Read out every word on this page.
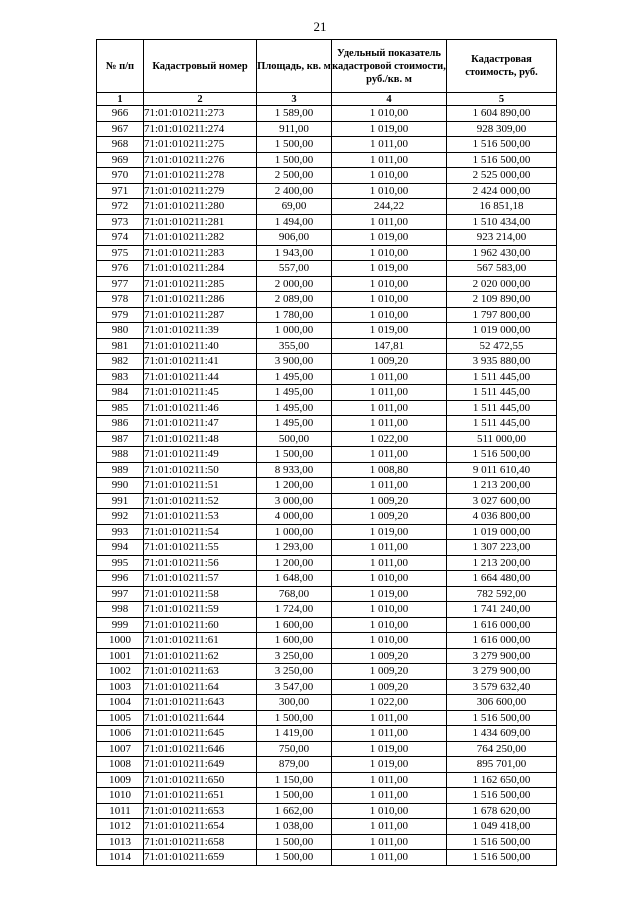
21
№ п/п	Кадастровый номер	Площадь, кв. м	Удельный показатель кадастровой стоимости, руб./кв. м	Кадастровая стоимость, руб.
1	2	3	4	5
966	71:01:010211:273	1 589,00	1 010,00	1 604 890,00
967	71:01:010211:274	911,00	1 019,00	928 309,00
968	71:01:010211:275	1 500,00	1 011,00	1 516 500,00
969	71:01:010211:276	1 500,00	1 011,00	1 516 500,00
970	71:01:010211:278	2 500,00	1 010,00	2 525 000,00
971	71:01:010211:279	2 400,00	1 010,00	2 424 000,00
972	71:01:010211:280	69,00	244,22	16 851,18
973	71:01:010211:281	1 494,00	1 011,00	1 510 434,00
974	71:01:010211:282	906,00	1 019,00	923 214,00
975	71:01:010211:283	1 943,00	1 010,00	1 962 430,00
976	71:01:010211:284	557,00	1 019,00	567 583,00
977	71:01:010211:285	2 000,00	1 010,00	2 020 000,00
978	71:01:010211:286	2 089,00	1 010,00	2 109 890,00
979	71:01:010211:287	1 780,00	1 010,00	1 797 800,00
980	71:01:010211:39	1 000,00	1 019,00	1 019 000,00
981	71:01:010211:40	355,00	147,81	52 472,55
982	71:01:010211:41	3 900,00	1 009,20	3 935 880,00
983	71:01:010211:44	1 495,00	1 011,00	1 511 445,00
984	71:01:010211:45	1 495,00	1 011,00	1 511 445,00
985	71:01:010211:46	1 495,00	1 011,00	1 511 445,00
986	71:01:010211:47	1 495,00	1 011,00	1 511 445,00
987	71:01:010211:48	500,00	1 022,00	511 000,00
988	71:01:010211:49	1 500,00	1 011,00	1 516 500,00
989	71:01:010211:50	8 933,00	1 008,80	9 011 610,40
990	71:01:010211:51	1 200,00	1 011,00	1 213 200,00
991	71:01:010211:52	3 000,00	1 009,20	3 027 600,00
992	71:01:010211:53	4 000,00	1 009,20	4 036 800,00
993	71:01:010211:54	1 000,00	1 019,00	1 019 000,00
994	71:01:010211:55	1 293,00	1 011,00	1 307 223,00
995	71:01:010211:56	1 200,00	1 011,00	1 213 200,00
996	71:01:010211:57	1 648,00	1 010,00	1 664 480,00
997	71:01:010211:58	768,00	1 019,00	782 592,00
998	71:01:010211:59	1 724,00	1 010,00	1 741 240,00
999	71:01:010211:60	1 600,00	1 010,00	1 616 000,00
1000	71:01:010211:61	1 600,00	1 010,00	1 616 000,00
1001	71:01:010211:62	3 250,00	1 009,20	3 279 900,00
1002	71:01:010211:63	3 250,00	1 009,20	3 279 900,00
1003	71:01:010211:64	3 547,00	1 009,20	3 579 632,40
1004	71:01:010211:643	300,00	1 022,00	306 600,00
1005	71:01:010211:644	1 500,00	1 011,00	1 516 500,00
1006	71:01:010211:645	1 419,00	1 011,00	1 434 609,00
1007	71:01:010211:646	750,00	1 019,00	764 250,00
1008	71:01:010211:649	879,00	1 019,00	895 701,00
1009	71:01:010211:650	1 150,00	1 011,00	1 162 650,00
1010	71:01:010211:651	1 500,00	1 011,00	1 516 500,00
1011	71:01:010211:653	1 662,00	1 010,00	1 678 620,00
1012	71:01:010211:654	1 038,00	1 011,00	1 049 418,00
1013	71:01:010211:658	1 500,00	1 011,00	1 516 500,00
1014	71:01:010211:659	1 500,00	1 011,00	1 516 500,00
